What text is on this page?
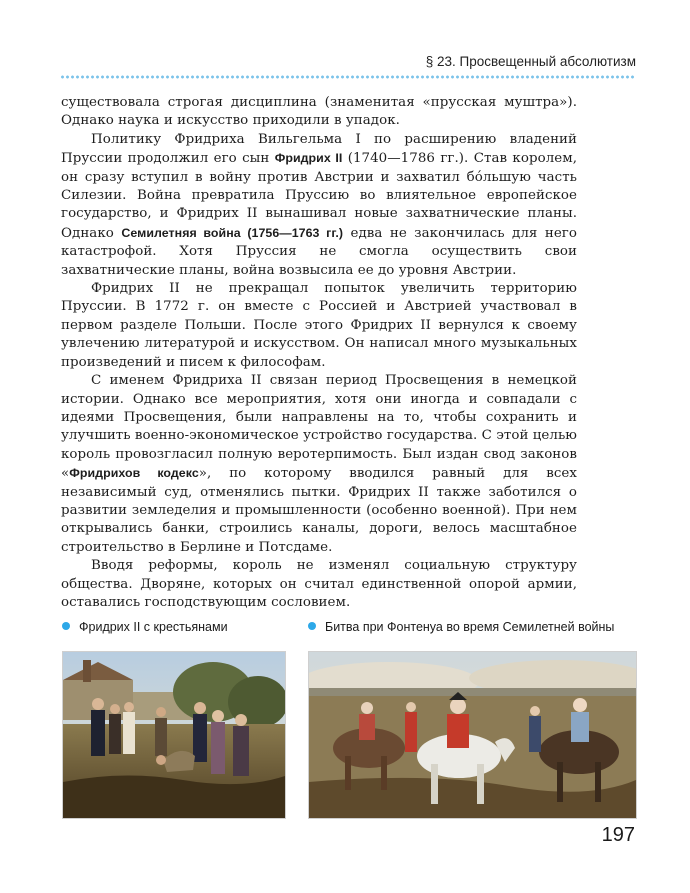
§ 23. Просвещенный абсолютизм

существовала строгая дисциплина (знаменитая «прусская муштра»). Однако наука и искусство приходили в упадок.

Политику Фридриха Вильгельма I по расширению владений Пруссии продолжил его сын Фридрих II (1740—1786 гг.). Став королем, он сразу вступил в войну против Австрии и захватил бóльшую часть Силезии. Война превратила Пруссию во влиятельное европейское государство, и Фридрих II вынашивал новые захватнические планы. Однако Семилетняя война (1756—1763 гг.) едва не закончилась для него катастрофой. Хотя Пруссия не смогла осуществить свои захватнические планы, война возвысила ее до уровня Австрии.

Фридрих II не прекращал попыток увеличить территорию Пруссии. В 1772 г. он вместе с Россией и Австрией участвовал в первом разделе Польши. После этого Фридрих II вернулся к своему увлечению литературой и искусством. Он написал много музыкальных произведений и писем к философам.

С именем Фридриха II связан период Просвещения в немецкой истории. Однако все мероприятия, хотя они иногда и совпадали с идеями Просвещения, были направлены на то, чтобы сохранить и улучшить военно-экономическое устройство государства. С этой целью король провозгласил полную веротерпимость. Был издан свод законов «Фридрихов кодекс», по которому вводился равный для всех независимый суд, отменялись пытки. Фридрих II также заботился о развитии земледелия и промышленности (особенно военной). При нем открывались банки, строились каналы, дороги, велось масштабное строительство в Берлине и Потсдаме.

Вводя реформы, король не изменял социальную структуру общества. Дворяне, которых он считал единственной опорой армии, оставались господствующим сословием.

Фридрих II с крестьянами	Битва при Фонтенуа во время Семилетней войны
197
